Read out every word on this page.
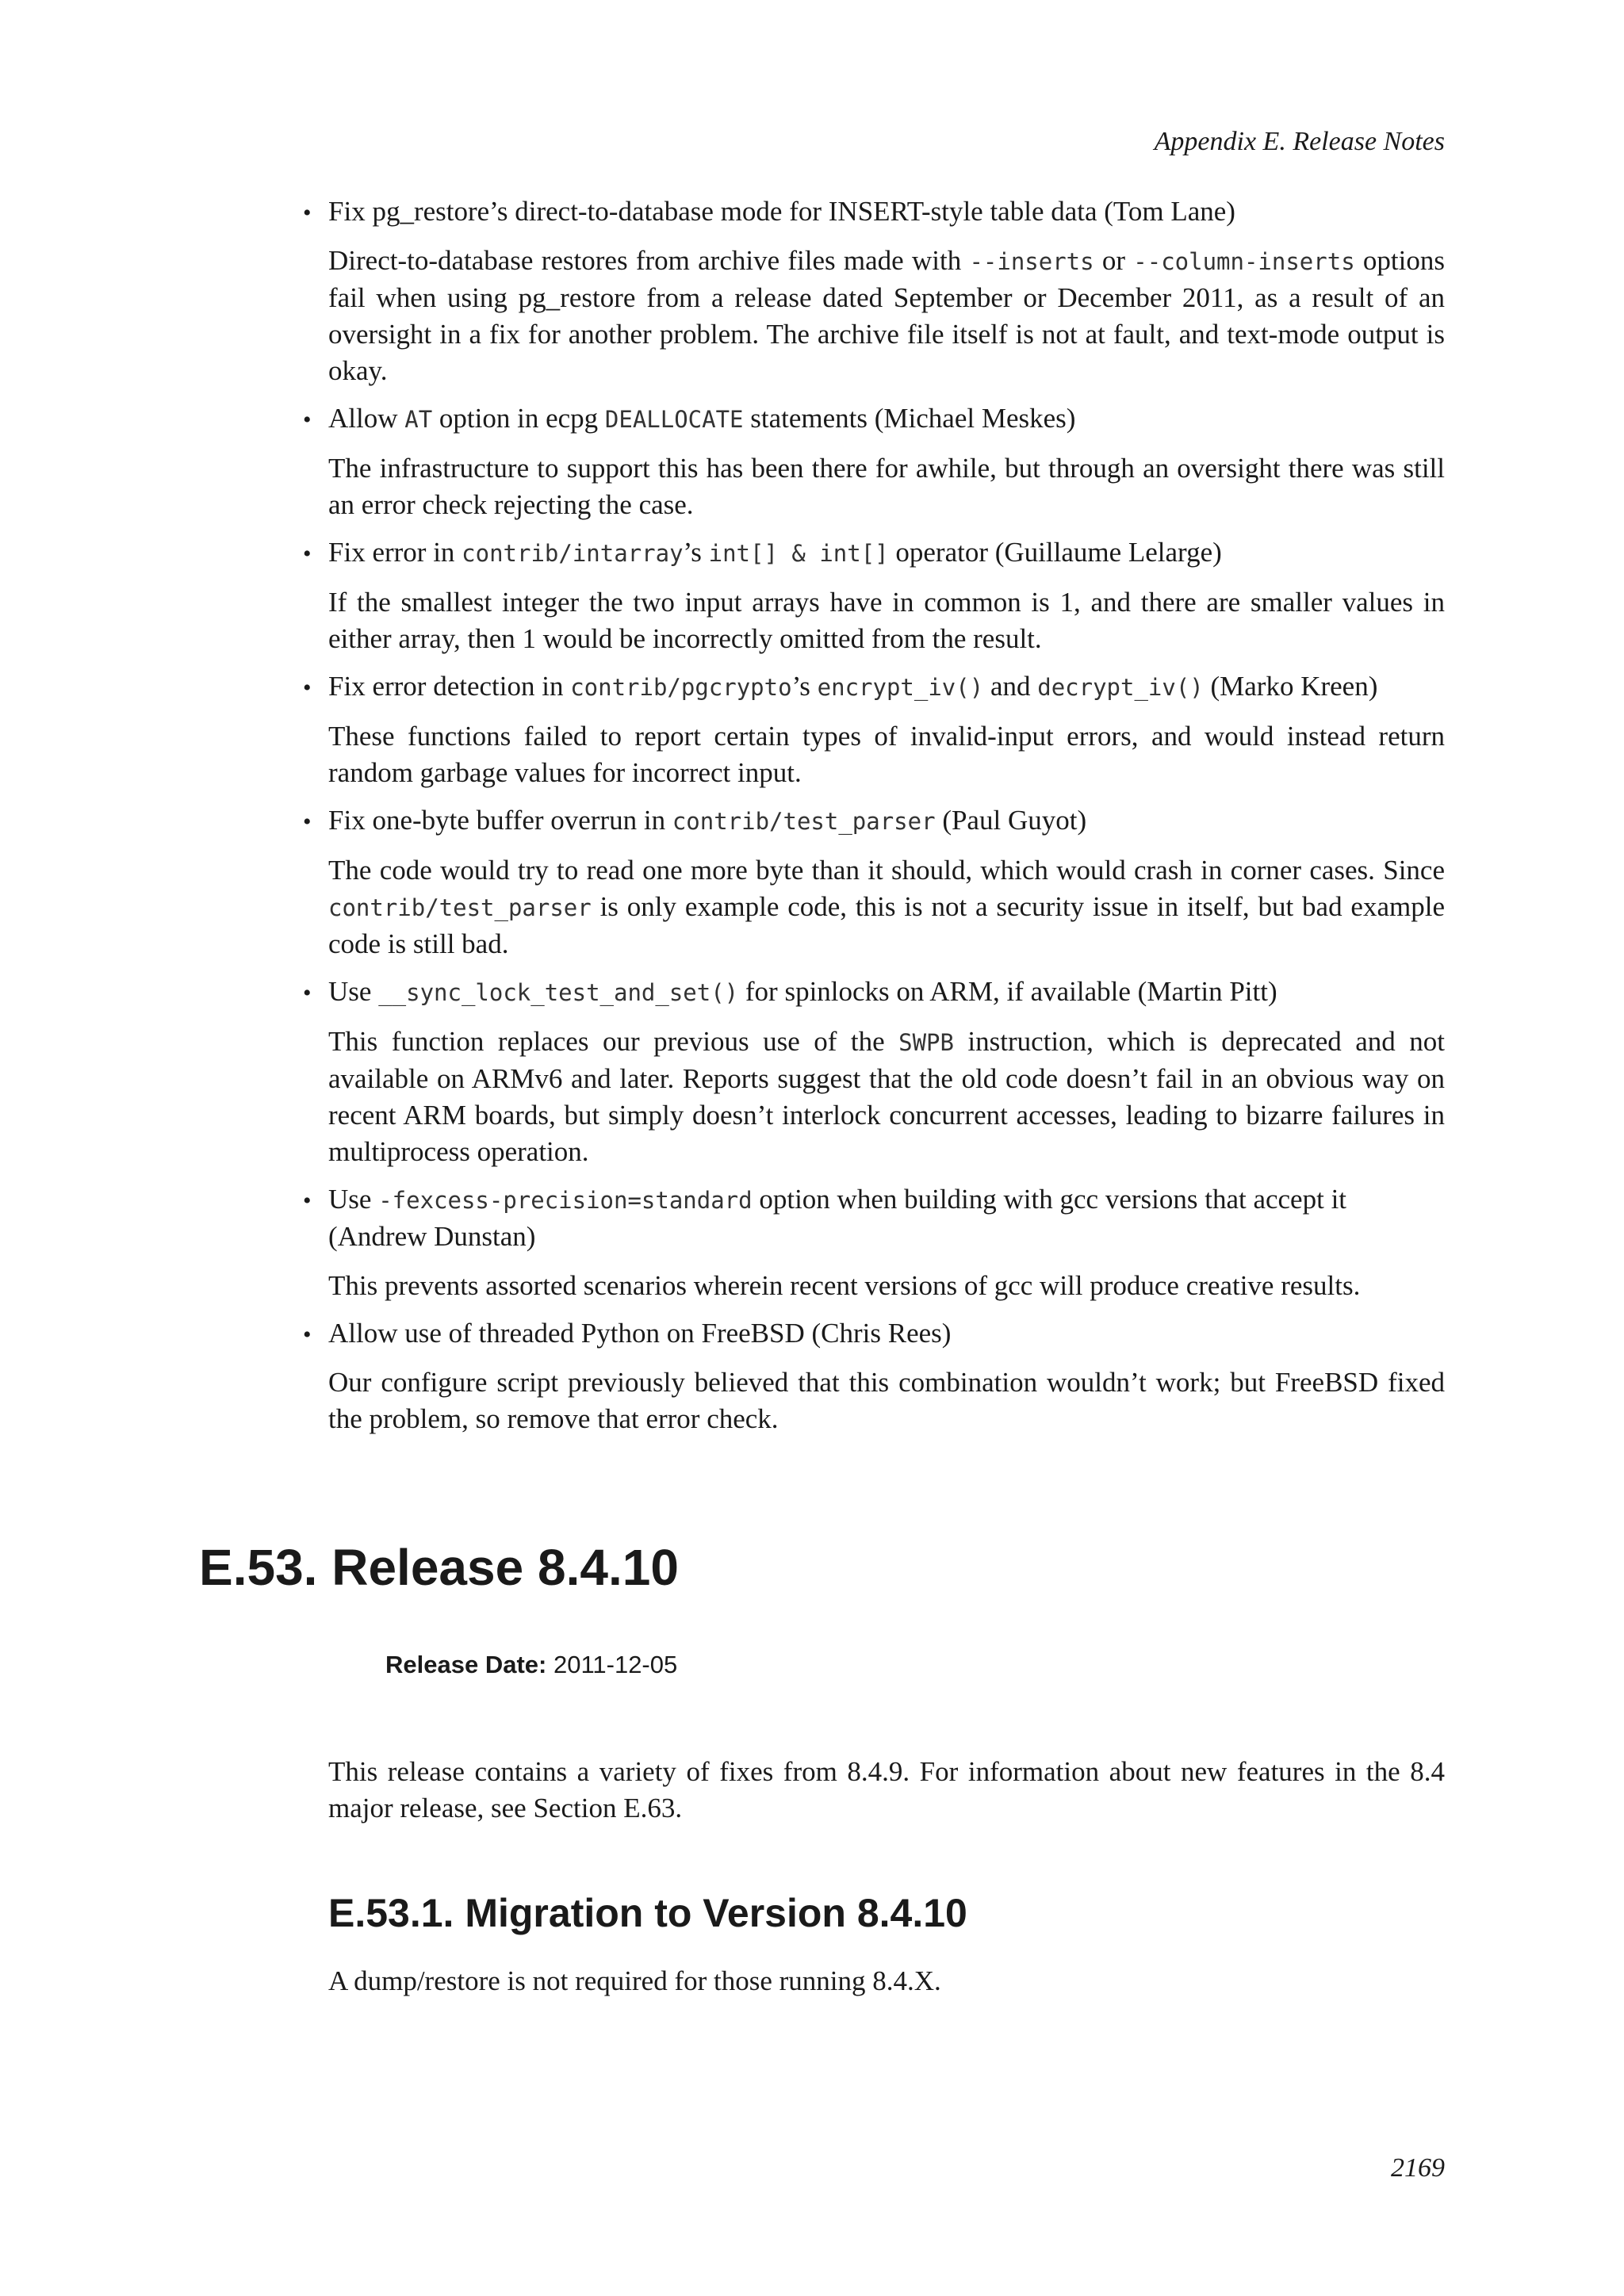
Appendix E. Release Notes
• Fix pg_restore’s direct-to-database mode for INSERT-style table data (Tom Lane)

Direct-to-database restores from archive files made with --inserts or --column-inserts options fail when using pg_restore from a release dated September or December 2011, as a result of an oversight in a fix for another problem. The archive file itself is not at fault, and text-mode output is okay.

• Allow AT option in ecpg DEALLOCATE statements (Michael Meskes)

The infrastructure to support this has been there for awhile, but through an oversight there was still an error check rejecting the case.

• Fix error in contrib/intarray’s int[] & int[] operator (Guillaume Lelarge)

If the smallest integer the two input arrays have in common is 1, and there are smaller values in either array, then 1 would be incorrectly omitted from the result.

• Fix error detection in contrib/pgcrypto’s encrypt_iv() and decrypt_iv() (Marko Kreen)

These functions failed to report certain types of invalid-input errors, and would instead return random garbage values for incorrect input.

• Fix one-byte buffer overrun in contrib/test_parser (Paul Guyot)

The code would try to read one more byte than it should, which would crash in corner cases. Since contrib/test_parser is only example code, this is not a security issue in itself, but bad example code is still bad.

• Use __sync_lock_test_and_set() for spinlocks on ARM, if available (Martin Pitt)

This function replaces our previous use of the SWPB instruction, which is deprecated and not available on ARMv6 and later. Reports suggest that the old code doesn’t fail in an obvious way on recent ARM boards, but simply doesn’t interlock concurrent accesses, leading to bizarre failures in multiprocess operation.

• Use -fexcess-precision=standard option when building with gcc versions that accept it (Andrew Dunstan)

This prevents assorted scenarios wherein recent versions of gcc will produce creative results.

• Allow use of threaded Python on FreeBSD (Chris Rees)

Our configure script previously believed that this combination wouldn’t work; but FreeBSD fixed the problem, so remove that error check.

E.53. Release 8.4.10
Release Date: 2011-12-05

This release contains a variety of fixes from 8.4.9. For information about new features in the 8.4 major release, see Section E.63.

E.53.1. Migration to Version 8.4.10

A dump/restore is not required for those running 8.4.X.

2169
